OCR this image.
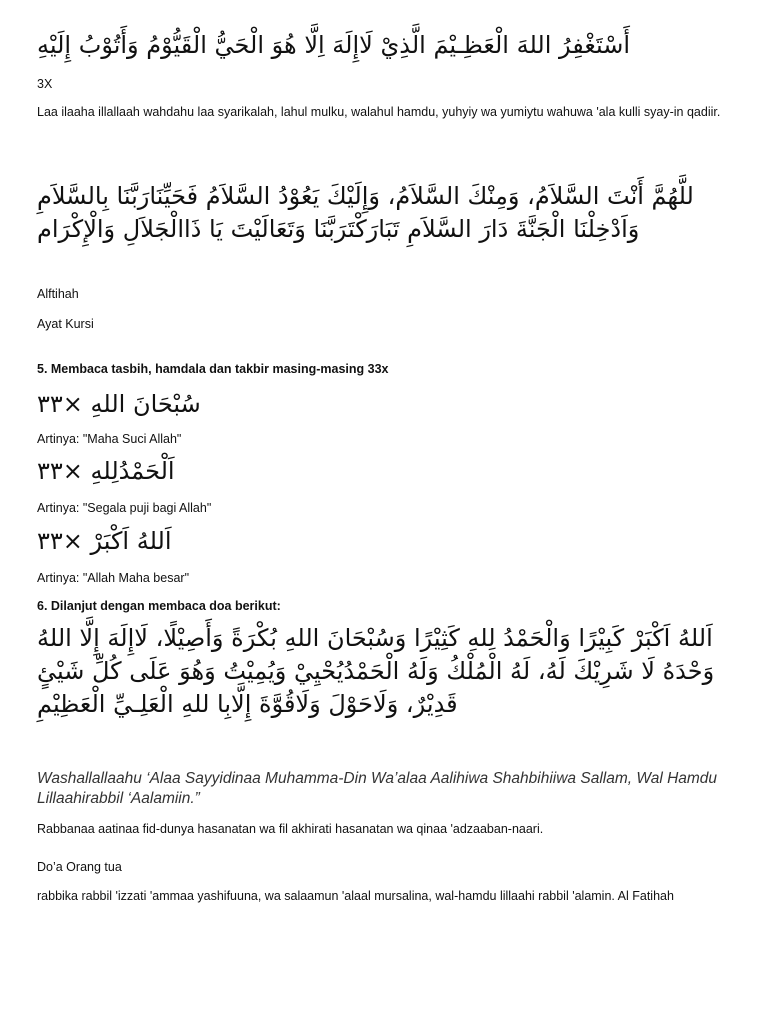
أَسْتَغْفِرُ اللهَ الْعَظِـيْمَ الَّذِيْ لَاإِلَهَ اِلَّا هُوَ الْحَيُّ الْقَيُّوْمُ وَأَتُوْبُ إِلَيْهِ

3X

Laa ilaaha illallaah wahdahu laa syarikalah, lahul mulku, walahul hamdu, yuhyiy wa yumiytu wahuwa 'ala kulli syay-in qadiir.

للَّهُمَّ أَنْتَ السَّلاَمُ، وَمِنْكَ السَّلاَمُ، وَإِلَيْكَ يَعُوْدُ السَّلاَمُ فَحَيِّنَارَبَّنَا بِالسَّلاَمِ وَاَدْخِلْنَا الْجَنَّةَ دَارَ السَّلاَمِ تَبَارَكْتَرَبَّنَا وَتَعَالَيْتَ يَا ذَاالْجَلاَلِ وَالْإِكْرَام

Alftihah

Ayat Kursi

5. Membaca tasbih, hamdala dan takbir masing-masing 33x

سُبْحَانَ اللهِ ×٣٣

Artinya: "Maha Suci Allah"

اَلْحَمْدُلِلهِ ×٣٣

Artinya: "Segala puji bagi Allah"

اَللهُ اَكْبَرْ ×٣٣

Artinya: "Allah Maha besar"

6. Dilanjut dengan membaca doa berikut:

اَللهُ اَكْبَرْ كَبِيْرًا وَالْحَمْدُ لِلهِ كَثِيْرًا وَسُبْحَانَ اللهِ بُكْرَةً وَأَصِيْلًا، لَاإِلَهَ إِلَّا اللهُ وَحْدَهُ لَا شَرِيْكَ لَهُ، لَهُ الْمُلْكُ وَلَهُ الْحَمْدُيُحْيِيْ وَيُمِيْتُ وَهُوَ عَلَى كُلِّ شَيْئٍ قَدِيْرٌ، وَلَاحَوْلَ وَلَاقُوَّةَ إِلَّابِا للهِ الْعَلِـيِّ الْعَظِيْمِ

Washallallaahu ‘Alaa Sayyidinaa Muhamma-Din Wa’alaa Aalihiwa Shahbihiiwa Sallam, Wal Hamdu Lillaahirabbil ‘Aalamiin.”

Rabbanaa aatinaa fid-dunya hasanatan wa fil akhirati hasanatan wa qinaa 'adzaaban-naari.

Do’a Orang tua

rabbika rabbil 'izzati 'ammaa yashifuuna, wa salaamun 'alaal mursalina, wal-hamdu lillaahi rabbil 'alamin. Al Fatihah
